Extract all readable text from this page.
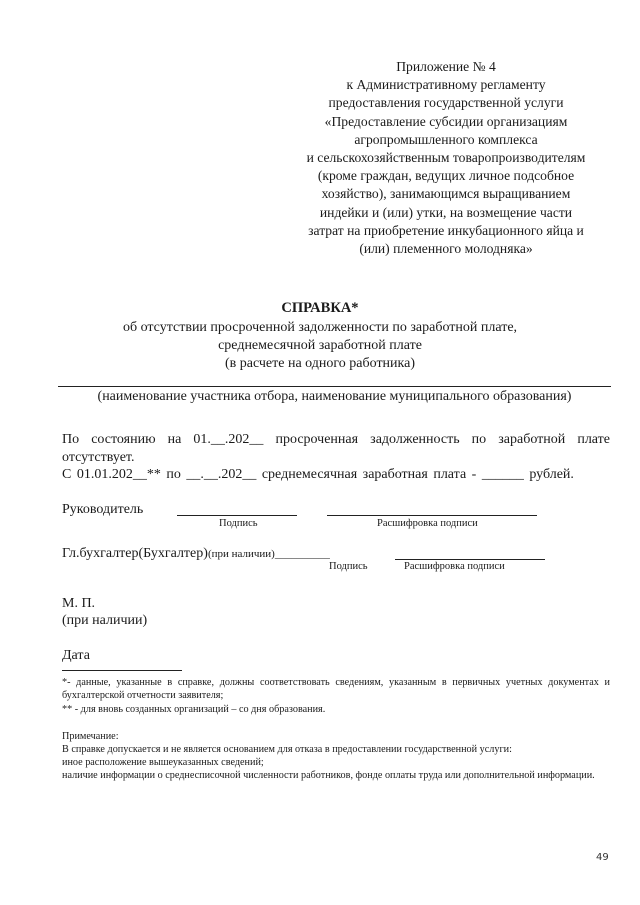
Приложение № 4
к Административному регламенту
предоставления государственной услуги
«Предоставление субсидии организациям
агропромышленного комплекса
и сельскохозяйственным товаропроизводителям
(кроме граждан, ведущих личное подсобное
хозяйство), занимающимся выращиванием
индейки и (или) утки, на возмещение части
затрат на приобретение инкубационного яйца и
(или) племенного молодняка»
СПРАВКА*
об отсутствии просроченной задолженности по заработной плате,
среднемесячной заработной плате
(в расчете на одного работника)
(наименование участника отбора, наименование муниципального образования)
По состоянию на 01.__.202__ просроченная задолженность по заработной плате отсутствует.
С 01.01.202__** по __.__.202__ среднемесячная заработная плата - ______ рублей.
Руководитель
Подпись	Расшифровка подписи
Гл.бухгалтер(Бухгалтер)(при наличии)__________
Подпись	Расшифровка подписи
М. П.
(при наличии)
Дата
*- данные, указанные в справке, должны соответствовать сведениям, указанным в первичных учетных документах и бухгалтерской отчетности заявителя;
** - для вновь созданных организаций – со дня образования.
Примечание:
В справке допускается и не является основанием для отказа в предоставлении государственной услуги:
иное расположение вышеуказанных сведений;
наличие информации о среднесписочной численности работников, фонде оплаты труда или дополнительной информации.
49
